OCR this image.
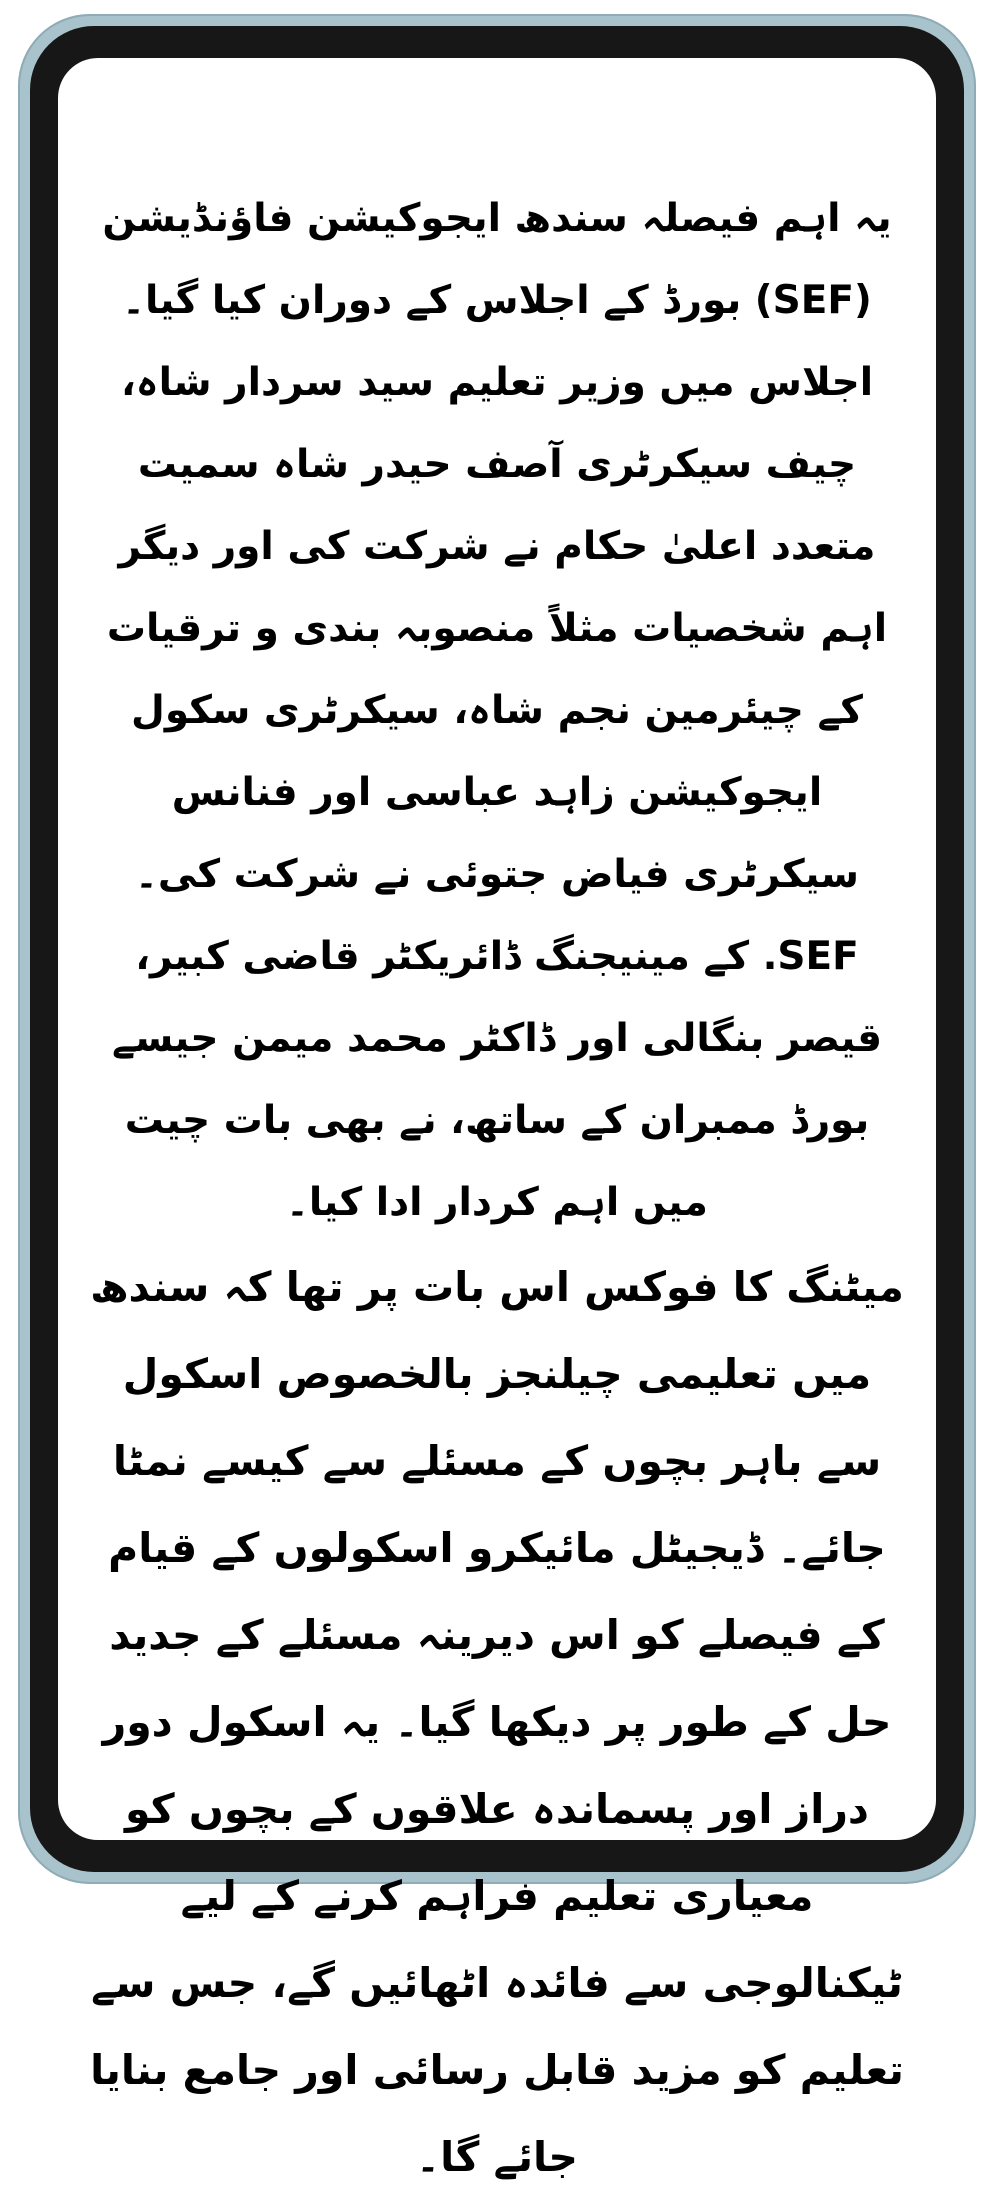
یہ اہم فیصلہ سندھ ایجوکیشن فاؤنڈیشن (SEF) بورڈ کے اجلاس کے دوران کیا گیا۔ اجلاس میں وزیر تعلیم سید سردار شاہ، چیف سیکرٹری آصف حیدر شاہ سمیت متعدد اعلیٰ حکام نے شرکت کی اور دیگر اہم شخصیات مثلاً منصوبہ بندی و ترقیات کے چیئرمین نجم شاہ، سیکرٹری سکول ایجوکیشن زاہد عباسی اور فنانس سیکرٹری فیاض جتوئی نے شرکت کی۔ SEF. کے مینیجنگ ڈائریکٹر قاضی کبیر، قیصر بنگالی اور ڈاکٹر محمد میمن جیسے بورڈ ممبران کے ساتھ، نے بھی بات چیت میں اہم کردار ادا کیا۔

میٹنگ کا فوکس اس بات پر تھا کہ سندھ میں تعلیمی چیلنجز بالخصوص اسکول سے باہر بچوں کے مسئلے سے کیسے نمٹا جائے۔ ڈیجیٹل مائیکرو اسکولوں کے قیام کے فیصلے کو اس دیرینہ مسئلے کے جدید حل کے طور پر دیکھا گیا۔ یہ اسکول دور دراز اور پسماندہ علاقوں کے بچوں کو معیاری تعلیم فراہم کرنے کے لیے ٹیکنالوجی سے فائدہ اٹھائیں گے، جس سے تعلیم کو مزید قابل رسائی اور جامع بنایا جائے گا۔
